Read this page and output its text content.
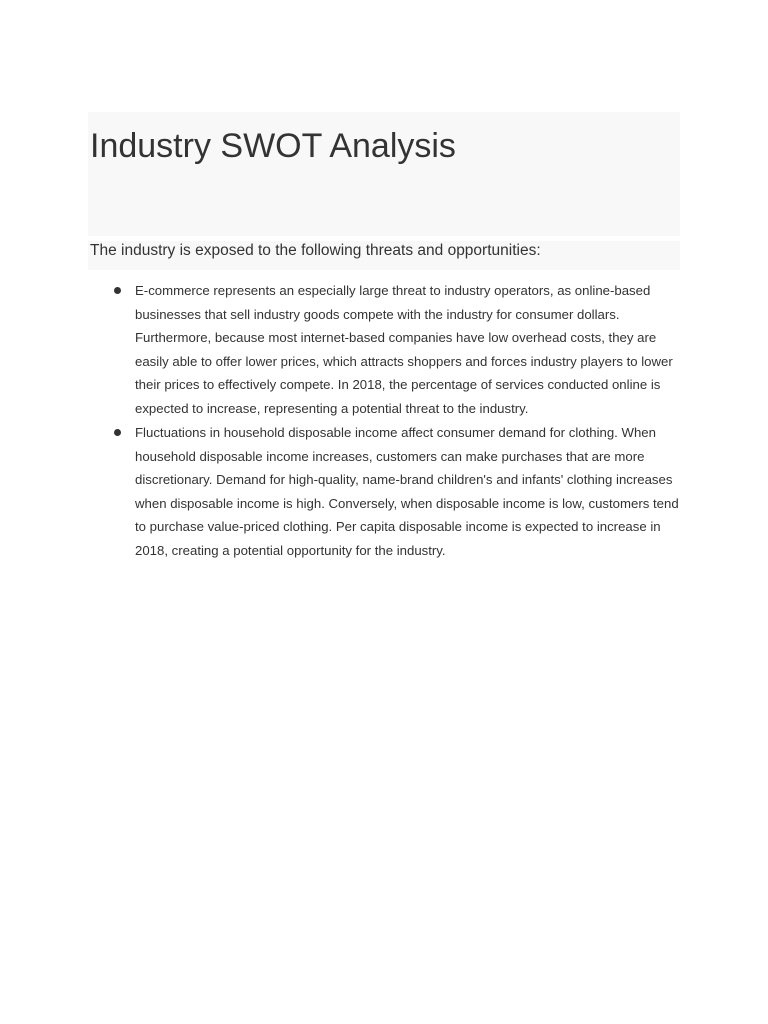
Industry SWOT Analysis

The industry is exposed to the following threats and opportunities:

E-commerce represents an especially large threat to industry operators, as online-based businesses that sell industry goods compete with the industry for consumer dollars. Furthermore, because most internet-based companies have low overhead costs, they are easily able to offer lower prices, which attracts shoppers and forces industry players to lower their prices to effectively compete. In 2018, the percentage of services conducted online is expected to increase, representing a potential threat to the industry.
Fluctuations in household disposable income affect consumer demand for clothing. When household disposable income increases, customers can make purchases that are more discretionary. Demand for high-quality, name-brand children's and infants' clothing increases when disposable income is high. Conversely, when disposable income is low, customers tend to purchase value-priced clothing. Per capita disposable income is expected to increase in 2018, creating a potential opportunity for the industry.
